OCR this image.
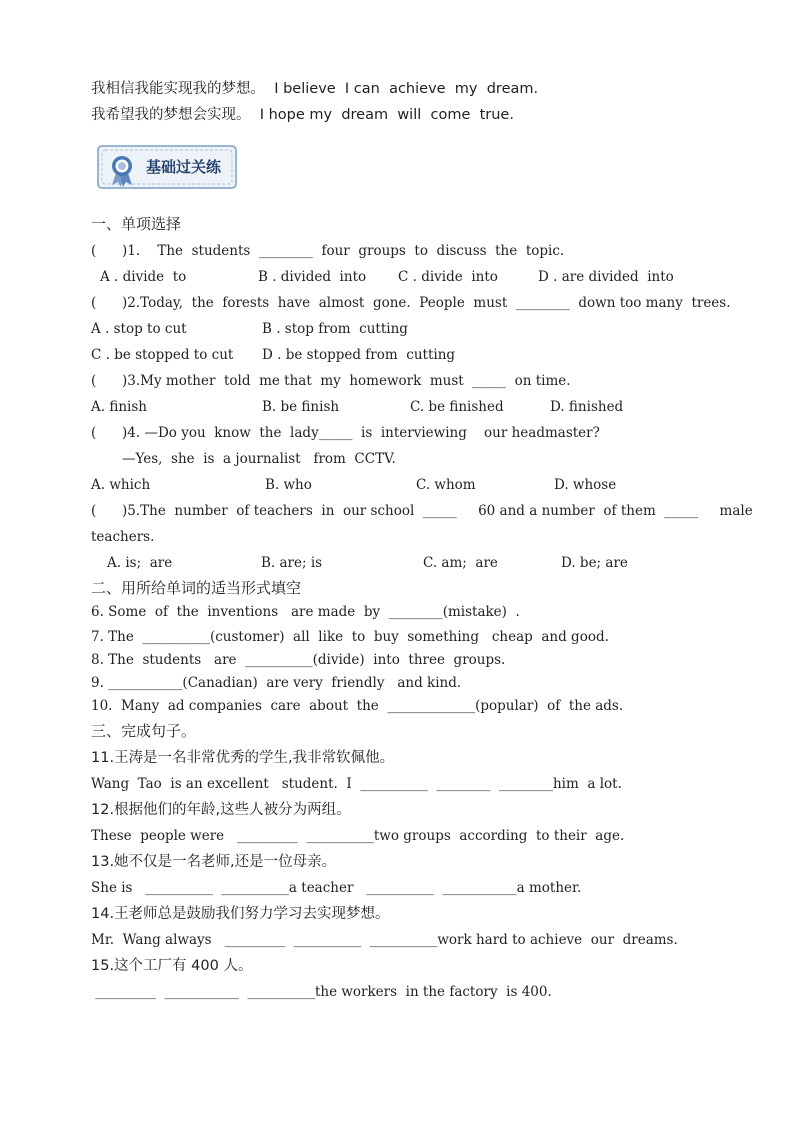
我相信我能实现我的梦想。  I believe  I can  achieve  my  dream.
我希望我的梦想会实现。  I hope my  dream  will  come  true.
基础过关练
一、单项选择
(      )1.    The  students  ________  four  groups  to  discuss  the  topic.
A . divide  to	B . divided  into C . divide  into	D . are divided  into
(      )2.Today,  the  forests  have  almost  gone.  People  must  ________  down too many  trees.
A . stop to cut	B . stop from  cutting
C . be stopped to cut D . be stopped from  cutting
(      )3.My mother  told  me that  my  homework  must  _____  on time.
A. finish	B. be finish	C. be finished	D. finished
(      )4. —Do you  know  the  lady_____  is  interviewing    our headmaster?
—Yes,  she  is  a journalist   from  CCTV.
A. which	B. who	C. whom	D. whose
(      )5.The  number  of teachers  in  our school  _____     60 and a number  of them  _____     male
teachers.
A. is;  are	B. are; is	C. am;  are	D. be; are
二、用所给单词的适当形式填空
6. Some  of  the  inventions   are made  by  ________(mistake)  .
7. The  __________(customer)  all  like  to  buy  something   cheap  and good.
8. The  students   are  __________(divide)  into  three  groups.
9. ___________(Canadian)  are very  friendly   and kind.
10.  Many  ad companies  care  about  the  _____________(popular)  of  the ads.
三、完成句子。
11.王涛是一名非常优秀的学生,我非常钦佩他。
Wang  Tao  is an excellent   student.  I  __________  ________  ________him  a lot.
12.根据他们的年龄,这些人被分为两组。
These  people were   _________  __________two groups  according  to their  age.
13.她不仅是一名老师,还是一位母亲。
She is   __________  __________a teacher   __________  ___________a mother.
14.王老师总是鼓励我们努力学习去实现梦想。
Mr.  Wang always   _________  __________  __________work hard to achieve  our  dreams.
15.这个工厂有 400 人。
_________  ___________  __________the workers  in the factory  is 400.
